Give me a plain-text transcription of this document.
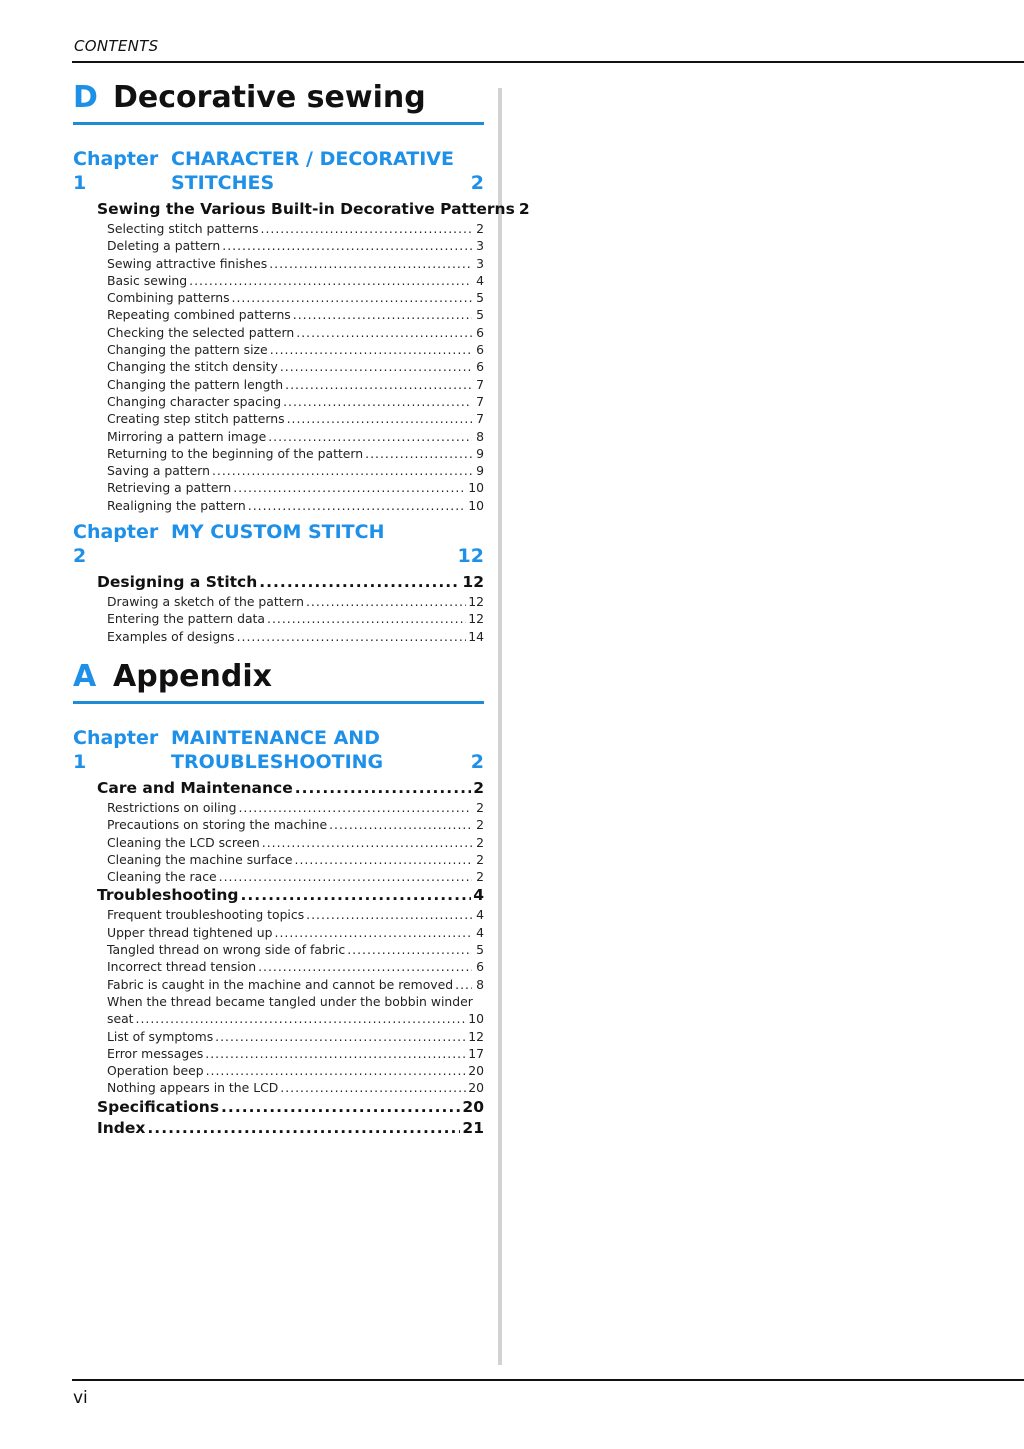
CONTENTS
D Decorative sewing
Chapter 1
CHARACTER / DECORATIVE
STITCHES	2
Sewing the Various Built-in Decorative Patterns 2
Selecting stitch patterns .....	2
Deleting a pattern .....	3
Sewing attractive finishes .....	3
Basic sewing .....	4
Combining patterns .....	5
Repeating combined patterns .....	5
Checking the selected pattern .....	6
Changing the pattern size .....	6
Changing the stitch density .....	6
Changing the pattern length .....	7
Changing character spacing .....	7
Creating step stitch patterns .....	7
Mirroring a pattern image .....	8
Returning to the beginning of the pattern .....	9
Saving a pattern .....	9
Retrieving a pattern .....	10
Realigning the pattern .....	10
Chapter 2
MY CUSTOM STITCH
12
Designing a Stitch .....	12
Drawing a sketch of the pattern .....	12
Entering the pattern data .....	12
Examples of designs .....	14
A Appendix
Chapter 1
MAINTENANCE AND
TROUBLESHOOTING	2
Care and Maintenance .....	2
Restrictions on oiling .....	2
Precautions on storing the machine .....	2
Cleaning the LCD screen .....	2
Cleaning the machine surface .....	2
Cleaning the race .....	2
Troubleshooting .....	4
Frequent troubleshooting topics .....	4
Upper thread tightened up .....	4
Tangled thread on wrong side of fabric .....	5
Incorrect thread tension .....	6
Fabric is caught in the machine and cannot be removed ..... 8
When the thread became tangled under the bobbin winder
seat .....	10
List of symptoms .....	12
Error messages .....	17
Operation beep .....	20
Nothing appears in the LCD .....	20
Specifications .....	20
Index .....	21
vi
